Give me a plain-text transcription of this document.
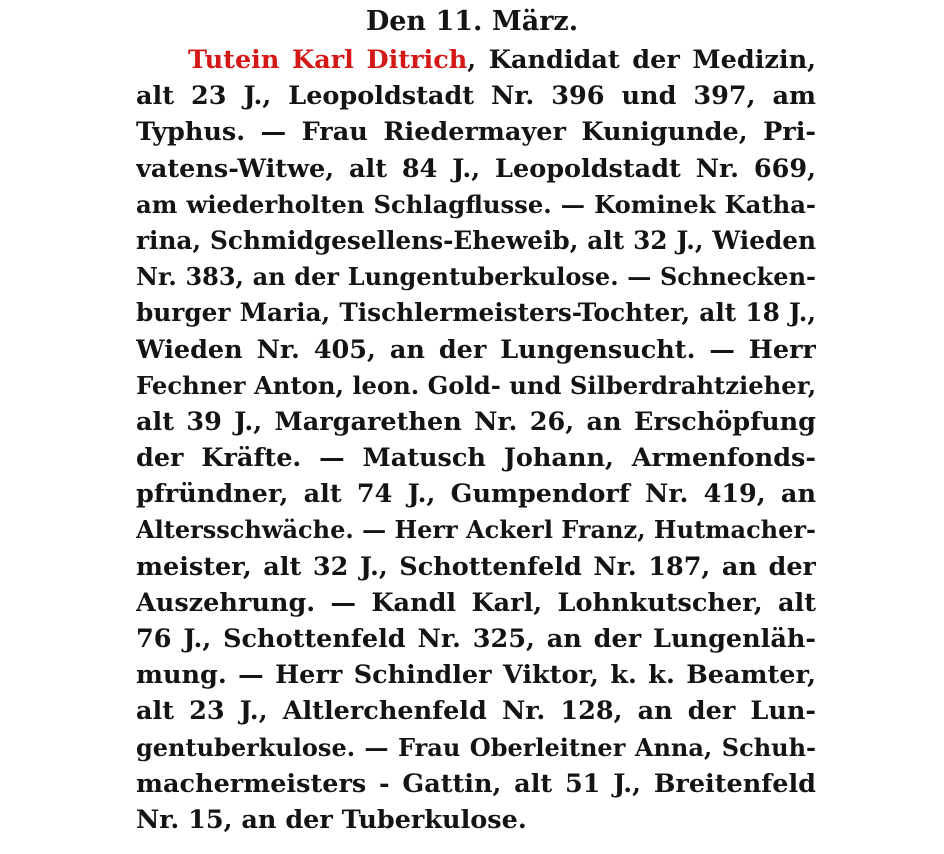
Den 11. März.
Tutein Karl Ditrich, Kandidat der Medizin,
alt 23 J., Leopoldstadt Nr. 396 und 397, am
Typhus. — Frau Riedermayer Kunigunde, Pri-
vatens-Witwe, alt 84 J., Leopoldstadt Nr. 669,
am wiederholten Schlagflusse. — Kominek Katha-
rina, Schmidgesellens-Eheweib, alt 32 J., Wieden
Nr. 383, an der Lungentuberkulose. — Schnecken-
burger Maria, Tischlermeisters-Tochter, alt 18 J.,
Wieden Nr. 405, an der Lungensucht. — Herr
Fechner Anton, leon. Gold- und Silberdrahtzieher,
alt 39 J., Margarethen Nr. 26, an Erschöpfung
der Kräfte. — Matusch Johann, Armenfonds-
pfründner, alt 74 J., Gumpendorf Nr. 419, an
Altersschwäche. — Herr Ackerl Franz, Hutmacher-
meister, alt 32 J., Schottenfeld Nr. 187, an der
Auszehrung. — Kandl Karl, Lohnkutscher, alt
76 J., Schottenfeld Nr. 325, an der Lungenläh-
mung. — Herr Schindler Viktor, k. k. Beamter,
alt 23 J., Altlerchenfeld Nr. 128, an der Lun-
gentuberkulose. — Frau Oberleitner Anna, Schuh-
machermeisters - Gattin, alt 51 J., Breitenfeld
Nr. 15, an der Tuberkulose.
